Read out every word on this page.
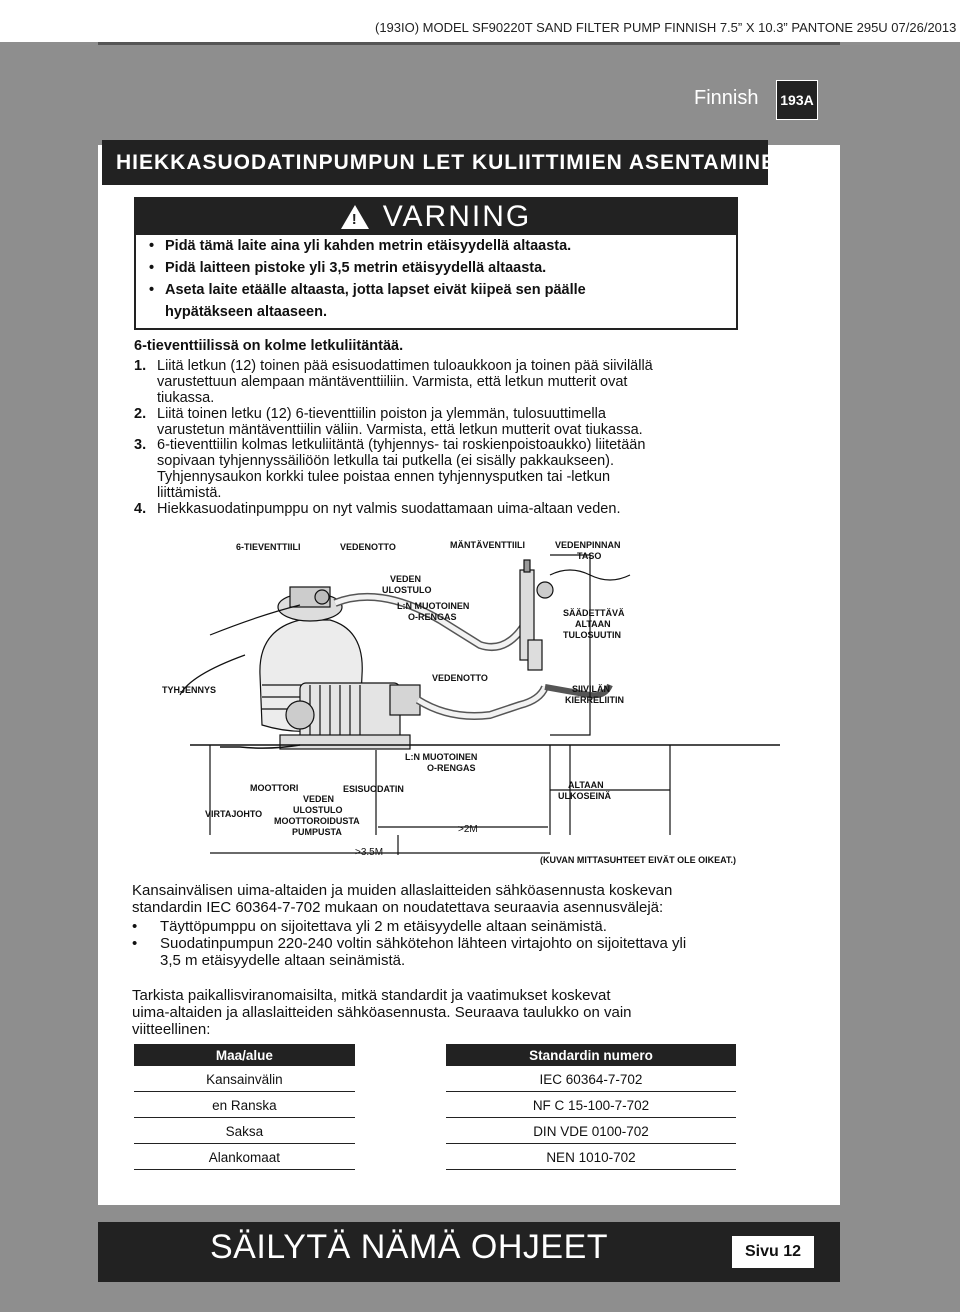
(193IO) MODEL SF90220T SAND FILTER PUMP FINNISH 7.5” X 10.3” PANTONE 295U 07/26/2013
Finnish	193A
HIEKKASUODATINPUMPUN LET KULIITTIMIEN ASENTAMINEN
! VARNING
• Pidä tämä laite aina yli kahden metrin etäisyydellä altaasta.
• Pidä laitteen pistoke yli 3,5 metrin etäisyydellä altaasta.
• Aseta laite etäälle altaasta, jotta lapset eivät kiipeä sen päälle
hypätäkseen altaaseen.
6-tieventtiilissä on kolme letkuliitäntää.
1. Liitä letkun (12) toinen pää esisuodattimen tuloaukkoon ja toinen pää siivilällä
varustettuun alempaan mäntäventtiiliin. Varmista, että letkun mutterit ovat
tiukassa.
2. Liitä toinen letku (12) 6-tieventtiilin poiston ja ylemmän, tulosuuttimella
varustetun mäntäventtiilin väliin. Varmista, että letkun mutterit ovat tiukassa.
3. 6-tieventtiilin kolmas letkuliitäntä (tyhjennys- tai roskienpoistoaukko) liitetään
sopivaan tyhjennyssäiliöön letkulla tai putkella (ei sisälly pakkaukseen).
Tyhjennysaukon korkki tulee poistaa ennen tyhjennysputken tai -letkun
liittämistä.
4. Hiekkasuodatinpumppu on nyt valmis suodattamaan uima-altaan veden.
6-TIEVENTTIILI	VEDENOTTO	MÄNTÄVENTTIILI	VEDENPINNAN
TASO
VEDEN
ULOSTULO
L:N MUOTOINEN
O-RENGAS	SÄÄDETTÄVÄ
ALTAAN
TULOSUUTIN
TYHJENNYS
VEDENOTTO
SIIVILÄN
KIERRELIITIN
L:N MUOTOINEN
O-RENGAS
MOOTTORI	ESISUODATIN	ALTAAN
ULKOSEINÄ
VIRTAJOHTO
VEDEN
ULOSTULO
MOOTTOROIDUSTA
PUMPUSTA	>2M
>3.5M
(KUVAN MITTASUHTEET EIVÄT OLE OIKEAT.)
Kansainvälisen uima-altaiden ja muiden allaslaitteiden sähköasennusta koskevan
standardin IEC 60364-7-702 mukaan on noudatettava seuraavia asennusvälejä:
• Täyttöpumppu on sijoitettava yli 2 m etäisyydelle altaan seinämistä.
• Suodatinpumpun 220-240 voltin sähkötehon lähteen virtajohto on sijoitettava yli
3,5 m etäisyydelle altaan seinämistä.
Tarkista paikallisviranomaisilta, mitkä standardit ja vaatimukset koskevat
uima-altaiden ja allaslaitteiden sähköasennusta. Seuraava taulukko on vain
viitteellinen:
Maa/alue		Standardin numero
Kansainvälin		IEC 60364-7-702
en Ranska		NF C 15-100-7-702
Saksa		DIN VDE 0100-702
Alankomaat		NEN 1010-702
SÄILYTÄ NÄMÄ OHJEET	Sivu 12
